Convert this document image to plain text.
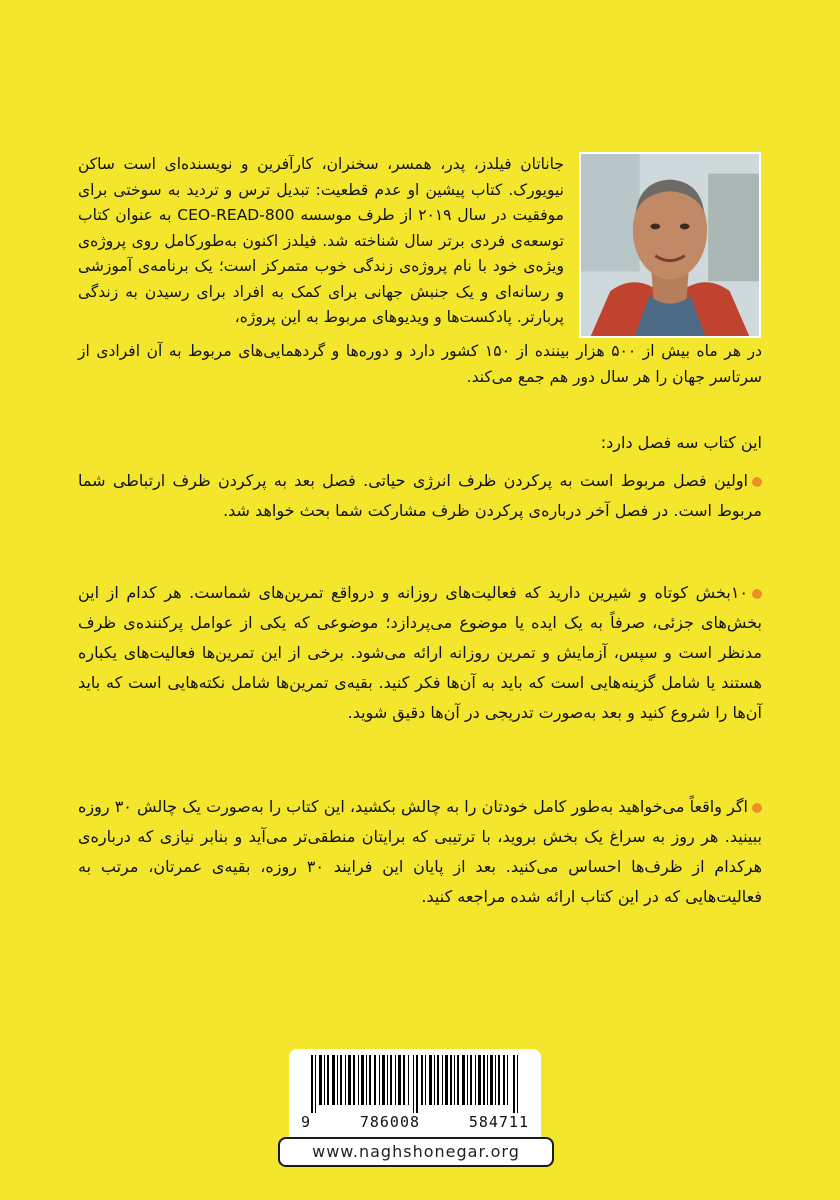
جاناتان فیلدز، پدر، همسر، سخنران، کارآفرین و نویسنده‌ای است ساکن نیویورک. کتاب پیشین او عدم قطعیت: تبدیل ترس و تردید به سوختی برای موفقیت در سال ۲۰۱۹ از طرف موسسه 800-CEO-READ به عنوان کتاب توسعه‌ی فردی برتر سال شناخته شد. فیلدز اکنون به‌طورکامل روی پروژه‌ی ویژه‌ی خود با نام پروژه‌ی زندگی خوب متمرکز است؛ یک برنامه‌ی آموزشی و رسانه‌ای و یک جنبش جهانی برای کمک به افراد برای رسیدن به زندگی پربارتر. پادکست‌ها و ویدیوهای مربوط به این پروژه،
در هر ماه بیش از ۵۰۰ هزار بیننده از ۱۵۰ کشور دارد و دوره‌ها و گردهمایی‌های مربوط به آن افرادی از سرتاسر جهان را هر سال دور هم جمع می‌کند.
این کتاب سه فصل دارد:
اولین فصل مربوط است به پرکردن ظرف انرژی حیاتی. فصل بعد به پرکردن ظرف ارتباطی شما مربوط است. در فصل آخر درباره‌ی پرکردن ظرف مشارکت شما بحث خواهد شد.
۱۰بخش کوتاه و شیرین دارید که فعالیت‌های روزانه و درواقع تمرین‌های شماست. هر کدام از این بخش‌های جزئی، صرفاً به یک ایده یا موضوع می‌پردازد؛ موضوعی که یکی از عوامل پرکننده‌ی ظرف مدنظر است و سپس، آزمایش و تمرین روزانه ارائه می‌شود. برخی از این تمرین‌ها فعالیت‌های یکباره هستند یا شامل گزینه‌هایی است که باید به آن‌ها فکر کنید. بقیه‌ی تمرین‌ها شامل نکته‌هایی است که باید آن‌ها را شروع کنید و بعد به‌صورت تدریجی در آن‌ها دقیق شوید.
اگر واقعاً می‌خواهید به‌طور کامل خودتان را به چالش بکشید، این کتاب را به‌صورت یک چالش ۳۰ روزه ببینید. هر روز به سراغ یک بخش بروید، با ترتیبی که برایتان منطقی‌تر می‌آید و بنابر نیازی که درباره‌ی هرکدام از ظرف‌ها احساس می‌کنید. بعد از پایان این فرایند ۳۰ روزه، بقیه‌ی عمرتان، مرتب به فعالیت‌هایی که در این کتاب ارائه شده مراجعه کنید.
9	786008	584711
www.naghshonegar.org
